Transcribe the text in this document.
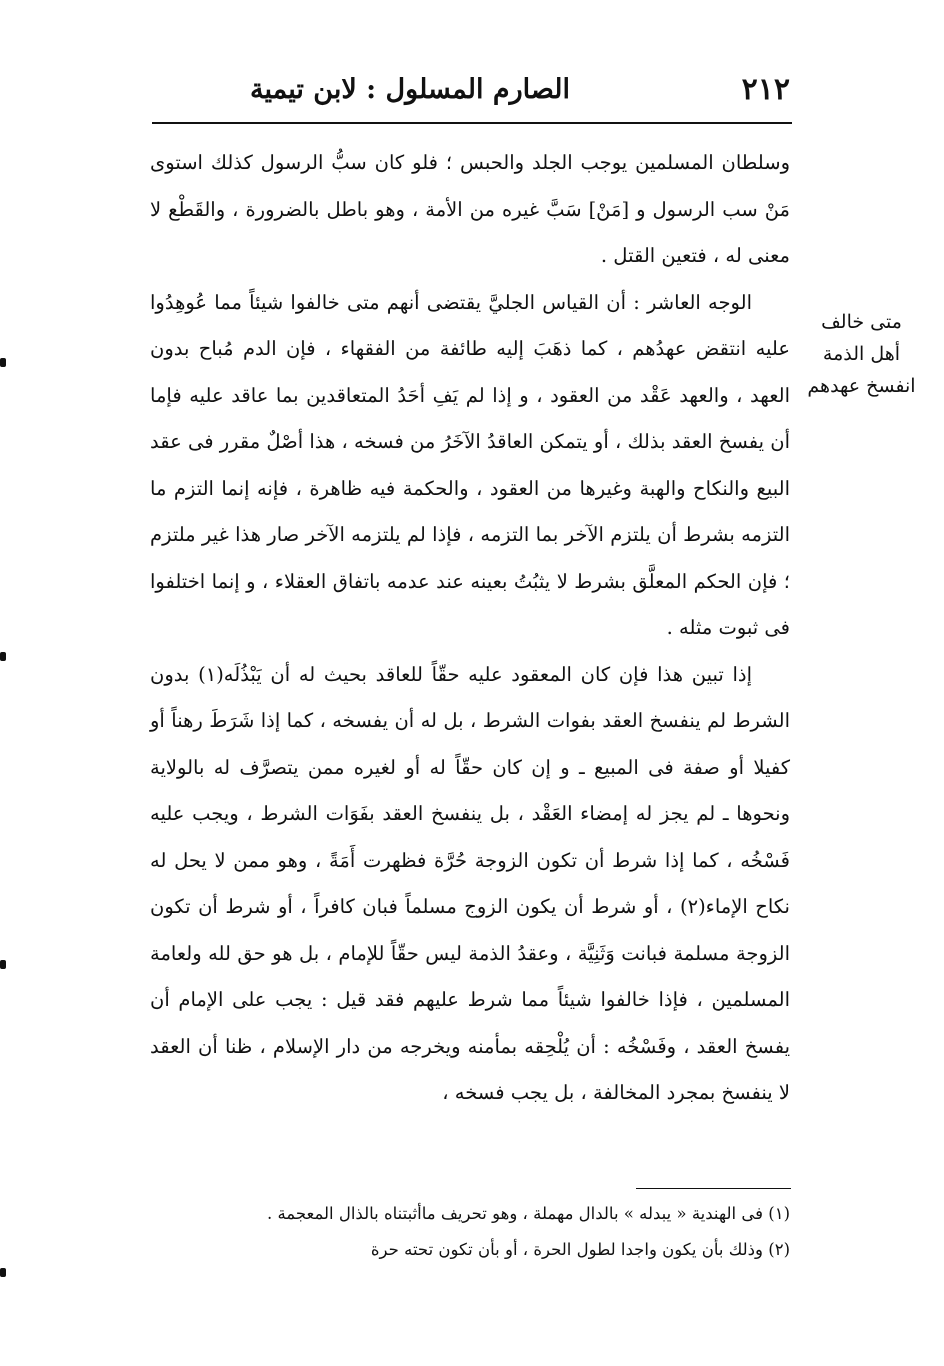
٢١٢
الصارم المسلول : لابن تيمية

وسلطان المسلمين يوجب الجلد والحبس ؛ فلو كان سبُّ الرسول كذلك استوى مَنْ سب الرسول و [مَنْ] سَبَّ غيره من الأمة ، وهو باطل بالضرورة ، والقَطْع لا معنى له ، فتعين القتل .

الوجه العاشر : أن القياس الجليَّ يقتضى أنهم متى خالفوا شيئاً مما عُوهِدُوا عليه انتقض عهدُهم ، كما ذهَبَ إليه طائفة من الفقهاء ، فإن الدم مُباح بدون العهد ، والعهد عَقْد من العقود ، و إذا لم يَفِ أحَدُ المتعاقدين بما عاقد عليه فإما أن يفسخ العقد بذلك ، أو يتمكن العاقدُ الآخَرُ من فسخه ، هذا أصْلٌ مقرر فى عقد البيع والنكاح والهبة وغيرها من العقود ، والحكمة فيه ظاهرة ، فإنه إنما التزم ما التزمه بشرط أن يلتزم الآخر بما التزمه ، فإذا لم يلتزمه الآخر صار هذا غير ملتزم ؛ فإن الحكم المعلَّق بشرط لا يثبُتُ بعينه عند عدمه باتفاق العقلاء ، و إنما اختلفوا فى ثبوت مثله .

إذا تبين هذا فإن كان المعقود عليه حقّاً للعاقد بحيث له أن يَبْذُلَه(١) بدون الشرط لم ينفسخ العقد بفوات الشرط ، بل له أن يفسخه ، كما إذا شَرَطَ رهناً أو كفيلا أو صفة فى المبيع ـ و إن كان حقّاً له أو لغيره ممن يتصرَّف له بالولاية ونحوها ـ لم يجز له إمضاء العَقْد ، بل ينفسخ العقد بفَوَات الشرط ، ويجب عليه فَسْخُه ، كما إذا شرط أن تكون الزوجة حُرَّة فظهرت أَمَةً ، وهو ممن لا يحل له نكاح الإماء(٢) ، أو شرط أن يكون الزوج مسلماً فبان كافراً ، أو شرط أن تكون الزوجة مسلمة فبانت وَثَنِيَّة ، وعقدُ الذمة ليس حقّاً للإمام ، بل هو حق لله ولعامة المسلمين ، فإذا خالفوا شيئاً مما شرط عليهم فقد قيل : يجب على الإمام أن يفسخ العقد ، وفَسْخُه : أن يُلْحِقه بمأمنه ويخرجه من دار الإسلام ، ظنا أن العقد لا ينفسخ بمجرد المخالفة ، بل يجب فسخه ،

متى خالف
أهل الذمة
انفسخ عهدهم
(١) فى الهندية « يبدله » بالدال مهملة ، وهو تحريف ماأثبتناه بالذال المعجمة .
(٢) وذلك بأن يكون واجدا لطول الحرة ، أو بأن تكون تحته حرة
